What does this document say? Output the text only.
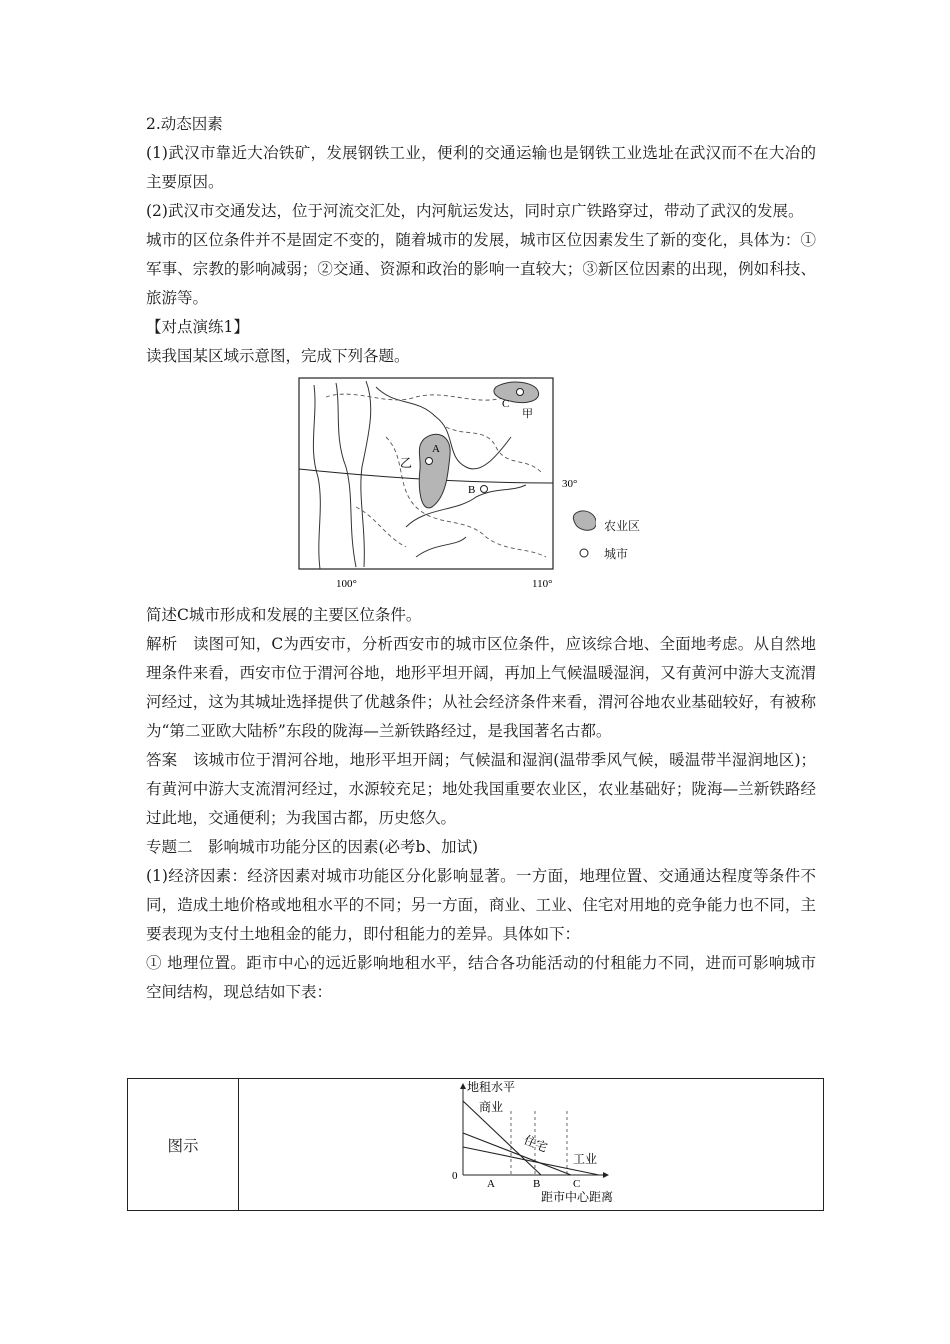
2.动态因素

(1)武汉市靠近大冶铁矿，发展钢铁工业，便利的交通运输也是钢铁工业选址在武汉而不在大冶的主要原因。

(2)武汉市交通发达，位于河流交汇处，内河航运发达，同时京广铁路穿过，带动了武汉的发展。

城市的区位条件并不是固定不变的，随着城市的发展，城市区位因素发生了新的变化，具体为：①军事、宗教的影响减弱；②交通、资源和政治的影响一直较大；③新区位因素的出现，例如科技、旅游等。

【对点演练1】

读我国某区域示意图，完成下列各题。

C
甲
A
乙
B	30°
100°	110°
农业区
城市

简述C城市形成和发展的主要区位条件。

解析　读图可知，C为西安市，分析西安市的城市区位条件，应该综合地、全面地考虑。从自然地理条件来看，西安市位于渭河谷地，地形平坦开阔，再加上气候温暖湿润，又有黄河中游大支流渭河经过，这为其城址选择提供了优越条件；从社会经济条件来看，渭河谷地农业基础较好，有被称为“第二亚欧大陆桥”东段的陇海—兰新铁路经过，是我国著名古都。

答案　该城市位于渭河谷地，地形平坦开阔；气候温和湿润(温带季风气候，暖温带半湿润地区)；有黄河中游大支流渭河经过，水源较充足；地处我国重要农业区，农业基础好；陇海—兰新铁路经过此地，交通便利；为我国古都，历史悠久。

专题二　影响城市功能分区的因素(必考b、加试)

(1)经济因素：经济因素对城市功能区分化影响显著。一方面，地理位置、交通通达程度等条件不同，造成土地价格或地租水平的不同；另一方面，商业、工业、住宅对用地的竞争能力也不同，主要表现为支付土地租金的能力，即付租能力的差异。具体如下：

① 地理位置。距市中心的远近影响地租水平，结合各功能活动的付租能力不同，进而可影响城市空间结构，现总结如下表：

图示	
地租水平
商业
住宅
工业
0
A	B	C
距市中心距离
